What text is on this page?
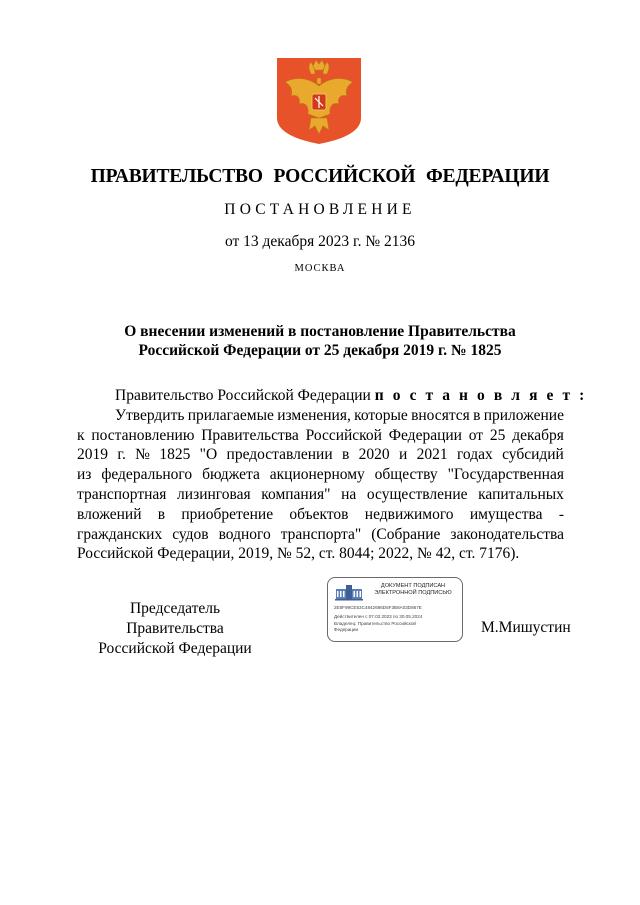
ПРАВИТЕЛЬСТВО РОССИЙСКОЙ ФЕДЕРАЦИИ
ПОСТАНОВЛЕНИЕ
от 13 декабря 2023 г. № 2136
МОСКВА
О внесении изменений в постановление Правительства
Российской Федерации от 25 декабря 2019 г. № 1825
Правительство Российской Федерации п о с т а н о в л я е т :
Утвердить прилагаемые изменения, которые вносятся в приложение
к постановлению Правительства Российской Федерации от 25 декабря
2019 г. № 1825 "О предоставлении в 2020 и 2021 годах субсидий
из федерального бюджета акционерному обществу "Государственная
транспортная лизинговая компания" на осуществление капитальных
вложений в приобретение объектов недвижимого имущества -
гражданских судов водного транспорта" (Собрание законодательства
Российской Федерации, 2019, № 52, ст. 8044; 2022, № 42, ст. 7176).
Председатель Правительства
Российской Федерации
ДОКУМЕНТ ПОДПИСАН
ЭЛЕКТРОННОЙ ПОДПИСЬЮ
2E6F99CE53C4842686D6F3B8A03D867E
Действителен с 07.03.2023 по 30.05.2024
Владелец: Правительство Российской
Федерации	М.Мишустин
